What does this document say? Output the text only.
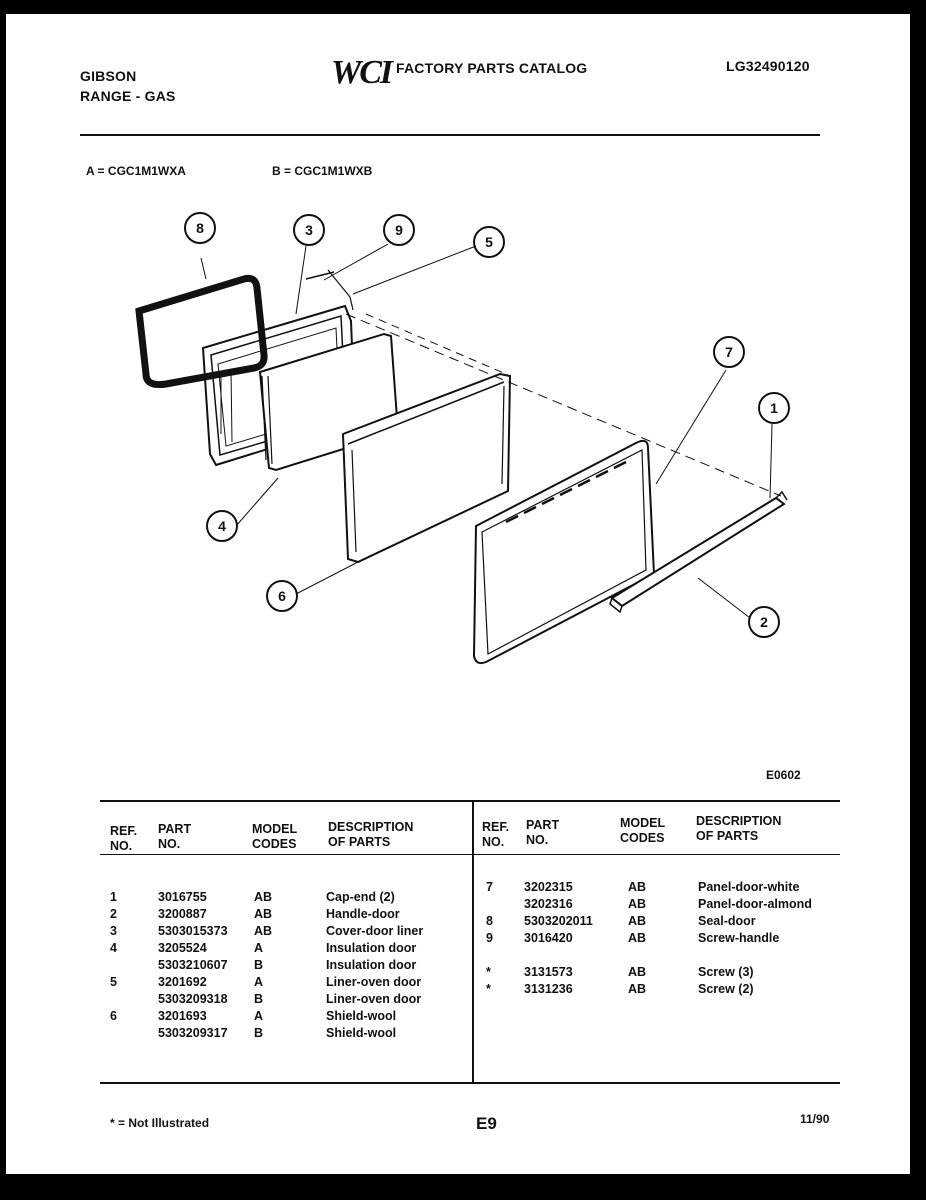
GIBSON
RANGE - GAS
WCI FACTORY PARTS CATALOG	LG32490120
A = CGC1M1WXA	B = CGC1M1WXB
8	3	9
5
7
1
4
6
2
E0602
REF.
NO.
PART
NO.
MODEL
CODES
DESCRIPTION
OF PARTS
REF.
NO.
PART
NO.
MODEL
CODES
DESCRIPTION
OF PARTS
1	3016755	AB	Cap-end (2)
2	3200887	AB	Handle-door
3	5303015373	AB	Cover-door liner
4	3205524	A	Insulation door
	5303210607	B	Insulation door
5	3201692	A	Liner-oven door
	5303209318	B	Liner-oven door
6	3201693	A	Shield-wool
	5303209317	B	Shield-wool
7	3202315	AB	Panel-door-white
	3202316	AB	Panel-door-almond
8	5303202011	AB	Seal-door
9	3016420	AB	Screw-handle

*	3131573	AB	Screw (3)
*	3131236	AB	Screw (2)
* = Not Illustrated	E9	11/90
